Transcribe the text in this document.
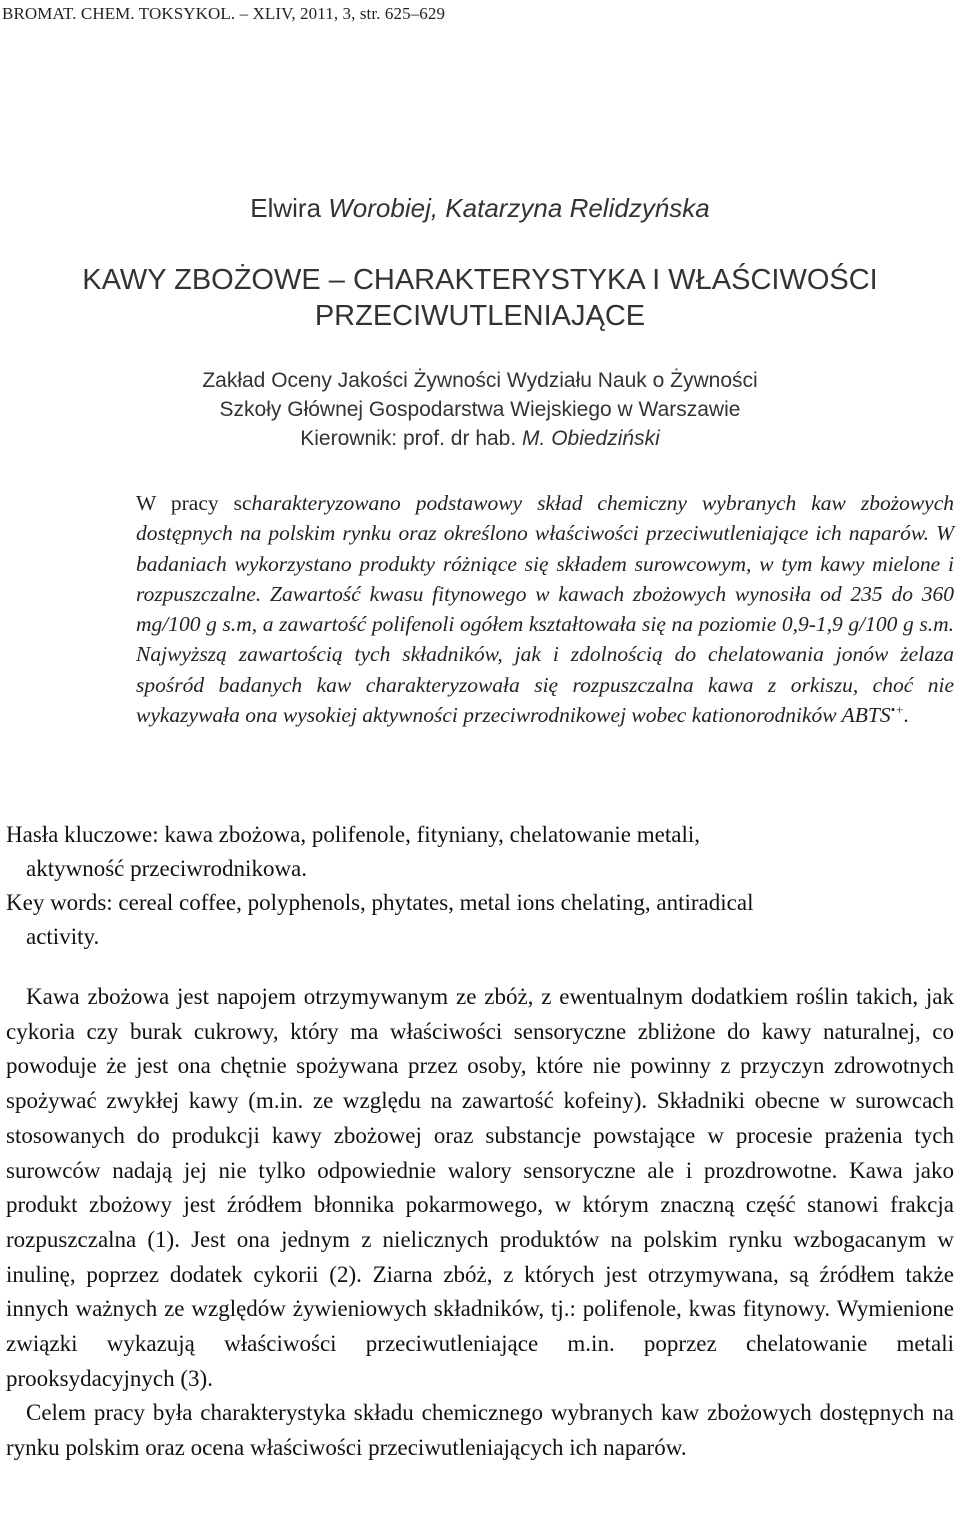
BROMAT. CHEM. TOKSYKOL. – XLIV, 2011, 3, str. 625–629
Elwira Worobiej, Katarzyna Relidzyńska
KAWY ZBOŻOWE – CHARAKTERYSTYKA I WŁAŚCIWOŚCI
PRZECIWUTLENIAJĄCE
Zakład Oceny Jakości Żywności Wydziału Nauk o Żywności
Szkoły Głównej Gospodarstwa Wiejskiego w Warszawie
Kierownik: prof. dr hab. M. Obiedziński
W pracy scharakteryzowano podstawowy skład chemiczny wybranych kaw zbożowych dostępnych na polskim rynku oraz określono właściwości przeciwutleniające ich naparów. W badaniach wykorzystano produkty różniące się składem surowcowym, w tym kawy mielone i rozpuszczalne. Zawartość kwasu fitynowego w kawach zbożowych wynosiła od 235 do 360 mg/100 g s.m, a zawartość polifenoli ogółem kształtowała się na poziomie 0,9-1,9 g/100 g s.m. Najwyższą zawartością tych składników, jak i zdolnością do chelatowania jonów żelaza spośród badanych kaw charakteryzowała się rozpuszczalna kawa z orkiszu, choć nie wykazywała ona wysokiej aktywności przeciwrodnikowej wobec kationorodników ABTS•+.
Hasła kluczowe: kawa zbożowa, polifenole, fityniany, chelatowanie metali,
aktywność przeciwrodnikowa.
Key words: cereal coffee, polyphenols, phytates, metal ions chelating, antiradical
activity.

Kawa zbożowa jest napojem otrzymywanym ze zbóż, z ewentualnym dodatkiem roślin takich, jak cykoria czy burak cukrowy, który ma właściwości sensoryczne zbliżone do kawy naturalnej, co powoduje że jest ona chętnie spożywana przez osoby, które nie powinny z przyczyn zdrowotnych spożywać zwykłej kawy (m.in. ze względu na zawartość kofeiny). Składniki obecne w surowcach stosowanych do produkcji kawy zbożowej oraz substancje powstające w procesie prażenia tych surowców nadają jej nie tylko odpowiednie walory sensoryczne ale i prozdrowotne. Kawa jako produkt zbożowy jest źródłem błonnika pokarmowego, w którym znaczną część stanowi frakcja rozpuszczalna (1). Jest ona jednym z nielicznych produktów na polskim rynku wzbogacanym w inulinę, poprzez dodatek cykorii (2). Ziarna zbóż, z których jest otrzymywana, są źródłem także innych ważnych ze względów żywieniowych składników, tj.: polifenole, kwas fitynowy. Wymienione związki wykazują właściwości przeciwutleniające m.in. poprzez chelatowanie metali prooksydacyjnych (3).

Celem pracy była charakterystyka składu chemicznego wybranych kaw zbożowych dostępnych na rynku polskim oraz ocena właściwości przeciwutleniających ich naparów.
